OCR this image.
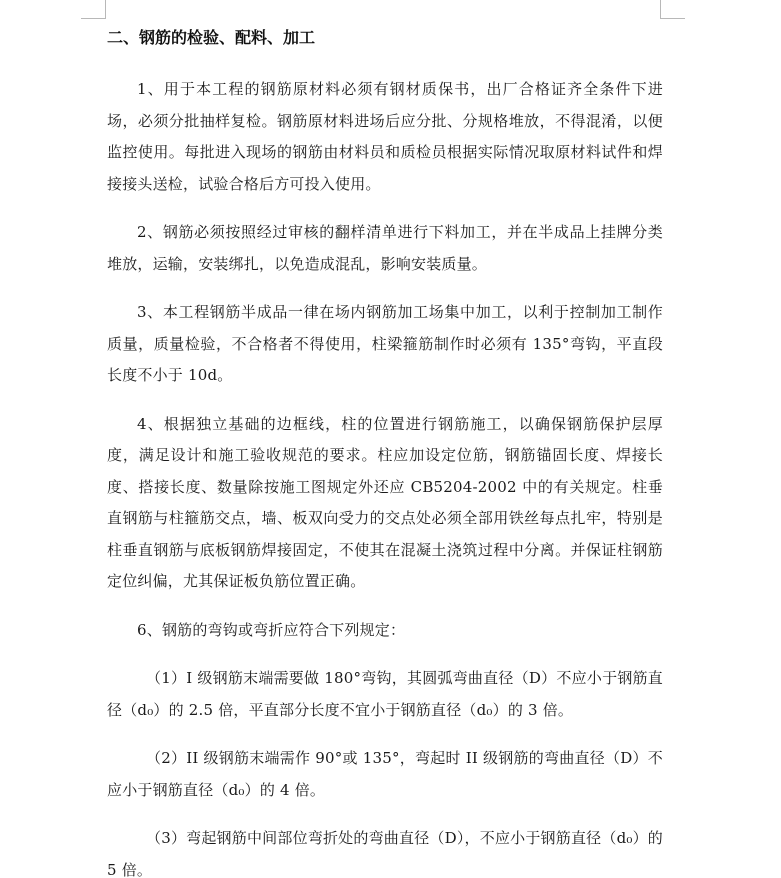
二、钢筋的检验、配料、加工

1、用于本工程的钢筋原材料必须有钢材质保书，出厂合格证齐全条件下进场，必须分批抽样复检。钢筋原材料进场后应分批、分规格堆放，不得混淆，以便监控使用。每批进入现场的钢筋由材料员和质检员根据实际情况取原材料试件和焊接接头送检，试验合格后方可投入使用。

2、钢筋必须按照经过审核的翻样清单进行下料加工，并在半成品上挂牌分类堆放，运输，安装绑扎，以免造成混乱，影响安装质量。

3、本工程钢筋半成品一律在场内钢筋加工场集中加工，以利于控制加工制作质量，质量检验，不合格者不得使用，柱梁箍筋制作时必须有 135°弯钩，平直段长度不小于 10d。

4、根据独立基础的边框线，柱的位置进行钢筋施工，以确保钢筋保护层厚度，满足设计和施工验收规范的要求。柱应加设定位筋，钢筋锚固长度、焊接长度、搭接长度、数量除按施工图规定外还应 CB5204-2002 中的有关规定。柱垂直钢筋与柱箍筋交点，墙、板双向受力的交点处必须全部用铁丝每点扎牢，特别是柱垂直钢筋与底板钢筋焊接固定，不使其在混凝土浇筑过程中分离。并保证柱钢筋定位纠偏，尤其保证板负筋位置正确。

6、钢筋的弯钩或弯折应符合下列规定：

（1）I 级钢筋末端需要做 180°弯钩，其圆弧弯曲直径（D）不应小于钢筋直径（d₀）的 2.5 倍，平直部分长度不宜小于钢筋直径（d₀）的 3 倍。

（2）II 级钢筋末端需作 90°或 135°，弯起时 II 级钢筋的弯曲直径（D）不应小于钢筋直径（d₀）的 4 倍。

（3）弯起钢筋中间部位弯折处的弯曲直径（D），不应小于钢筋直径（d₀）的 5 倍。
